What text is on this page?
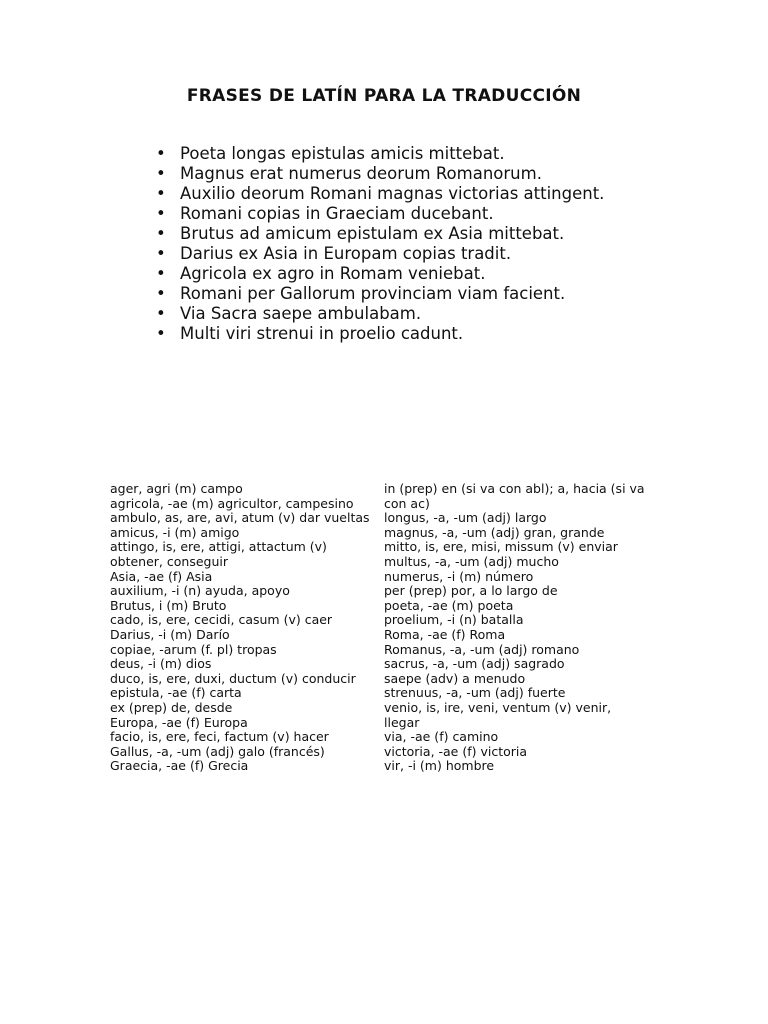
FRASES DE LATÍN PARA LA TRADUCCIÓN
• Poeta longas epistulas amicis mittebat.
• Magnus erat numerus deorum Romanorum.
• Auxilio deorum Romani magnas victorias attingent.
• Romani copias in Graeciam ducebant.
• Brutus ad amicum epistulam ex Asia mittebat.
• Darius ex Asia in Europam copias tradit.
• Agricola ex agro in Romam veniebat.
• Romani per Gallorum provinciam viam facient.
• Via Sacra saepe ambulabam.
• Multi viri strenui in proelio cadunt.
ager, agri (m) campo
agricola, -ae (m) agricultor, campesino
ambulo, as, are, avi, atum (v) dar vueltas
amicus, -i (m) amigo
attingo, is, ere, attigi, attactum (v)
obtener, conseguir
Asia, -ae (f) Asia
auxilium, -i (n) ayuda, apoyo
Brutus, i (m) Bruto
cado, is, ere, cecidi, casum (v) caer
Darius, -i (m) Darío
copiae, -arum (f. pl) tropas
deus, -i (m) dios
duco, is, ere, duxi, ductum (v) conducir
epistula, -ae (f) carta
ex (prep) de, desde
Europa, -ae (f) Europa
facio, is, ere, feci, factum (v) hacer
Gallus, -a, -um (adj) galo (francés)
Graecia, -ae (f) Grecia
in (prep) en (si va con abl); a, hacia (si va
con ac)
longus, -a, -um (adj) largo
magnus, -a, -um (adj) gran, grande
mitto, is, ere, misi, missum (v) enviar
multus, -a, -um (adj) mucho
numerus, -i (m) número
per (prep) por, a lo largo de
poeta, -ae (m) poeta
proelium, -i (n) batalla
Roma, -ae (f) Roma
Romanus, -a, -um (adj) romano
sacrus, -a, -um (adj) sagrado
saepe (adv) a menudo
strenuus, -a, -um (adj) fuerte
venio, is, ire, veni, ventum (v) venir,
llegar
via, -ae (f) camino
victoria, -ae (f) victoria
vir, -i (m) hombre
